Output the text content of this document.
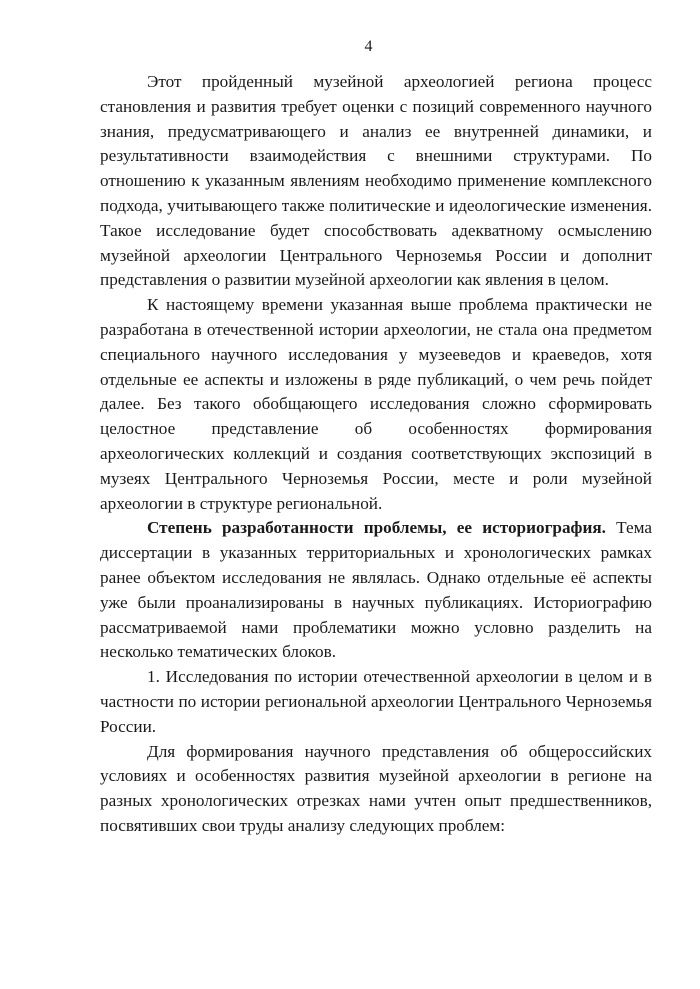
4

Этот пройденный музейной археологией региона процесс становления и развития требует оценки с позиций современного научного знания, предусматривающего и анализ ее внутренней динамики, и результативности взаимодействия с внешними структурами. По отношению к указанным явлениям необходимо применение комплексного подхода, учитывающего также политические и идеологические изменения. Такое исследование будет способствовать адекватному осмыслению музейной археологии Центрального Черноземья России и дополнит представления о развитии музейной археологии как явления в целом.

К настоящему времени указанная выше проблема практически не разработана в отечественной истории археологии, не стала она предметом специального научного исследования у музееведов и краеведов, хотя отдельные ее аспекты и изложены в ряде публикаций, о чем речь пойдет далее. Без такого обобщающего исследования сложно сформировать целостное представление об особенностях формирования археологических коллекций и создания соответствующих экспозиций в музеях Центрального Черноземья России, месте и роли музейной археологии в структуре региональной.

Степень разработанности проблемы, ее историография. Тема диссертации в указанных территориальных и хронологических рамках ранее объектом исследования не являлась. Однако отдельные её аспекты уже были проанализированы в научных публикациях. Историографию рассматриваемой нами проблематики можно условно разделить на несколько тематических блоков.

1. Исследования по истории отечественной археологии в целом и в частности по истории региональной археологии Центрального Черноземья России.

Для формирования научного представления об общероссийских условиях и особенностях развития музейной археологии в регионе на разных хронологических отрезках нами учтен опыт предшественников, посвятивших свои труды анализу следующих проблем:
